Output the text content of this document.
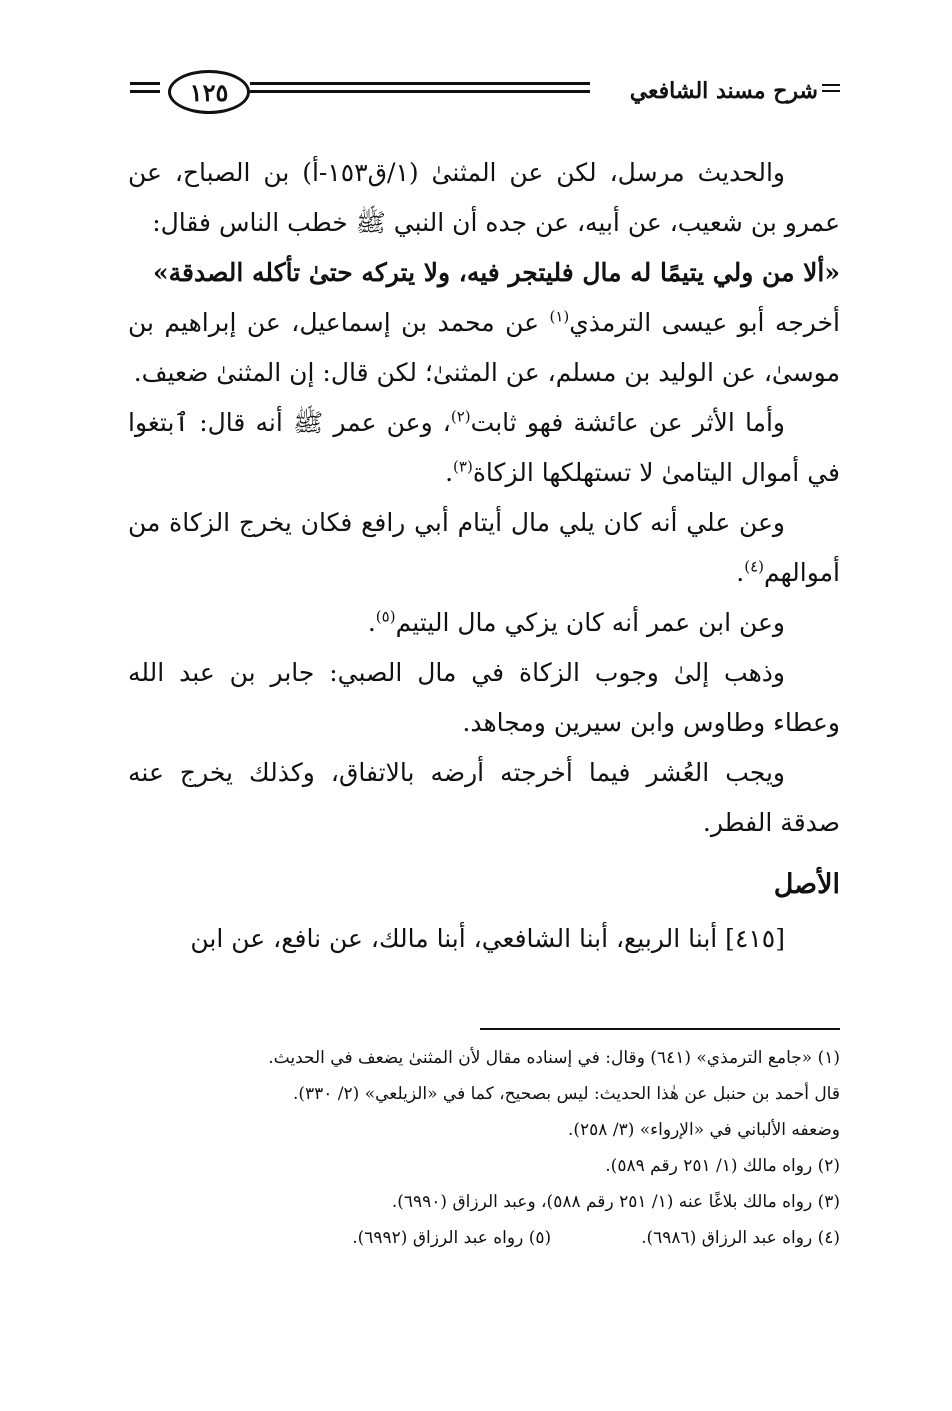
شرح مسند الشافعي
١٢٥

والحديث مرسل، لكن عن المثنىٰ (١/ق١٥٣-أ) بن الصباح، عن عمرو بن شعيب، عن أبيه، عن جده أن النبي ﷺ خطب الناس فقال:
«ألا من ولي يتيمًا له مال فليتجر فيه، ولا يتركه حتىٰ تأكله الصدقة»

أخرجه أبو عيسى الترمذي$^{(١)}$ عن محمد بن إسماعيل، عن إبراهيم بن موسىٰ، عن الوليد بن مسلم، عن المثنىٰ؛ لكن قال: إن المثنىٰ ضعيف.

وأما الأثر عن عائشة فهو ثابت$^{(٢)}$، وعن عمر ﷺ أنه قال: ٱبتغوا في أموال اليتامىٰ لا تستهلكها الزكاة$^{(٣)}$.

وعن علي أنه كان يلي مال أيتام أبي رافع فكان يخرج الزكاة من أموالهم$^{(٤)}$.

وعن ابن عمر أنه كان يزكي مال اليتيم$^{(٥)}$.

وذهب إلىٰ وجوب الزكاة في مال الصبي: جابر بن عبد الله وعطاء وطاوس وابن سيرين ومجاهد.

ويجب العُشر فيما أخرجته أرضه بالاتفاق، وكذلك يخرج عنه صدقة الفطر.

الأصل

[٤١٥] أبنا الربيع، أبنا الشافعي، أبنا مالك، عن نافع، عن ابن

(١) «جامع الترمذي» (٦٤١) وقال: في إسناده مقال لأن المثنىٰ يضعف في الحديث.
قال أحمد بن حنبل عن هٰذا الحديث: ليس بصحيح، كما في «الزيلعي» (٢/ ٣٣٠).
وضعفه الألباني في «الإرواء» (٣/ ٢٥٨).
(٢) رواه مالك (١/ ٢٥١ رقم ٥٨٩).
(٣) رواه مالك بلاغًا عنه (١/ ٢٥١ رقم ٥٨٨)، وعبد الرزاق (٦٩٩٠).
(٤) رواه عبد الرزاق (٦٩٨٦).
(٥) رواه عبد الرزاق (٦٩٩٢).
